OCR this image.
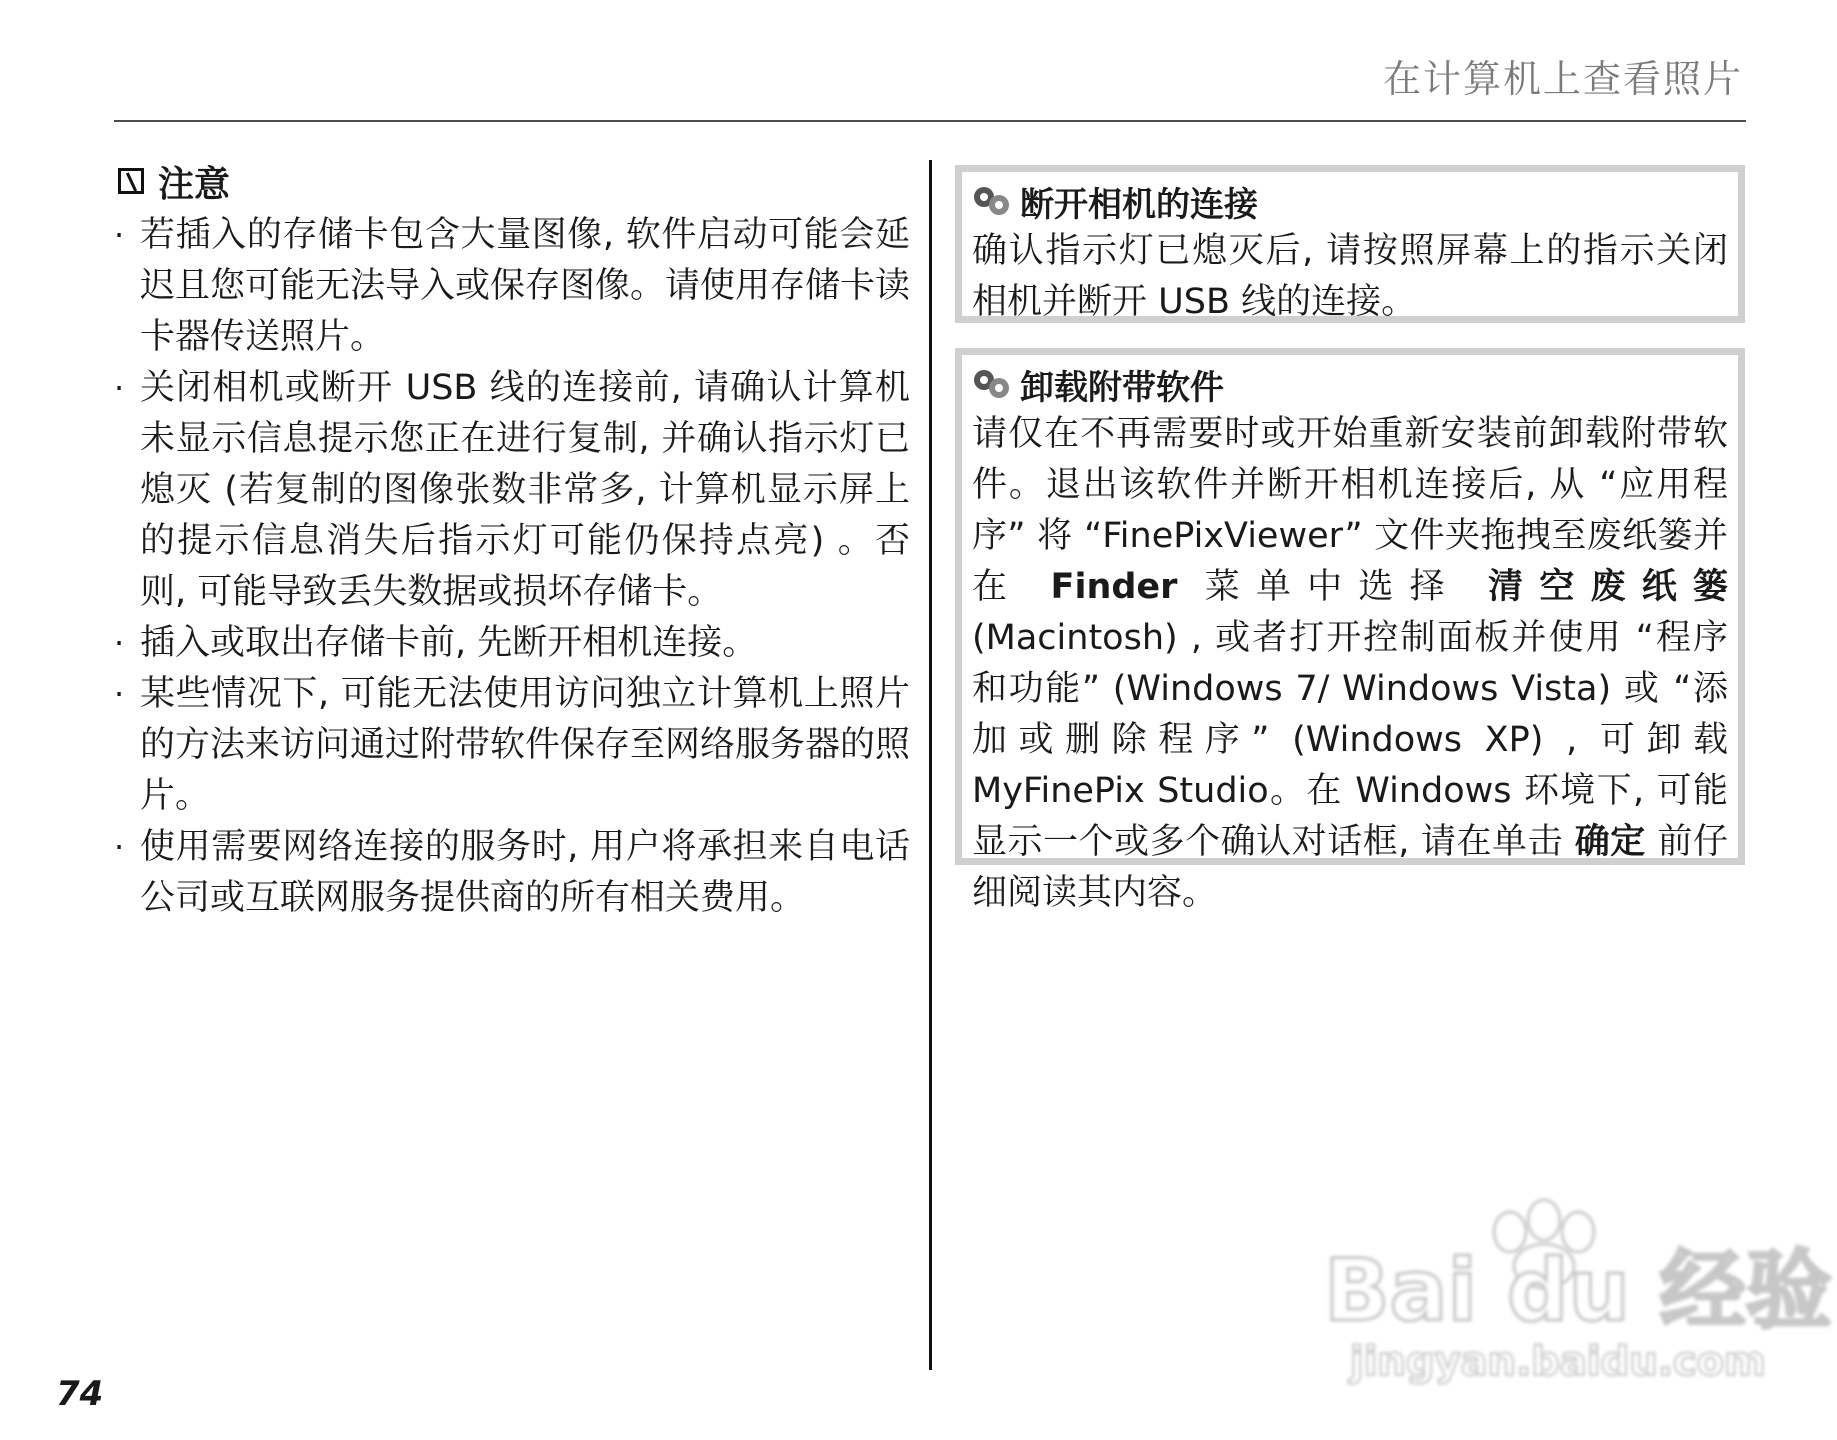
在计算机上查看照片
注意
· 若插入的存储卡包含大量图像, 软件启动可能会延迟且您可能无法导入或保存图像。请使用存储卡读卡器传送照片。
· 关闭相机或断开 USB 线的连接前, 请确认计算机未显示信息提示您正在进行复制, 并确认指示灯已熄灭 (若复制的图像张数非常多, 计算机显示屏上的提示信息消失后指示灯可能仍保持点亮) 。否则, 可能导致丢失数据或损坏存储卡。
· 插入或取出存储卡前, 先断开相机连接。
· 某些情况下, 可能无法使用访问独立计算机上照片的方法来访问通过附带软件保存至网络服务器的照片。
· 使用需要网络连接的服务时, 用户将承担来自电话公司或互联网服务提供商的所有相关费用。
断开相机的连接
确认指示灯已熄灭后, 请按照屏幕上的指示关闭相机并断开 USB 线的连接。
卸载附带软件
请仅在不再需要时或开始重新安装前卸载附带软件。退出该软件并断开相机连接后, 从 “应用程序” 将 “FinePixViewer” 文件夹拖拽至废纸篓并在 Finder 菜单中选择 清空废纸篓 (Macintosh) , 或者打开控制面板并使用 “程序和功能” (Windows 7/ Windows Vista) 或 “添加或删除程序” (Windows XP) , 可卸载 MyFinePix Studio。在 Windows 环境下, 可能显示一个或多个确认对话框, 请在单击 确定 前仔细阅读其内容。
74
Bai du 经验
jingyan.baidu.com
